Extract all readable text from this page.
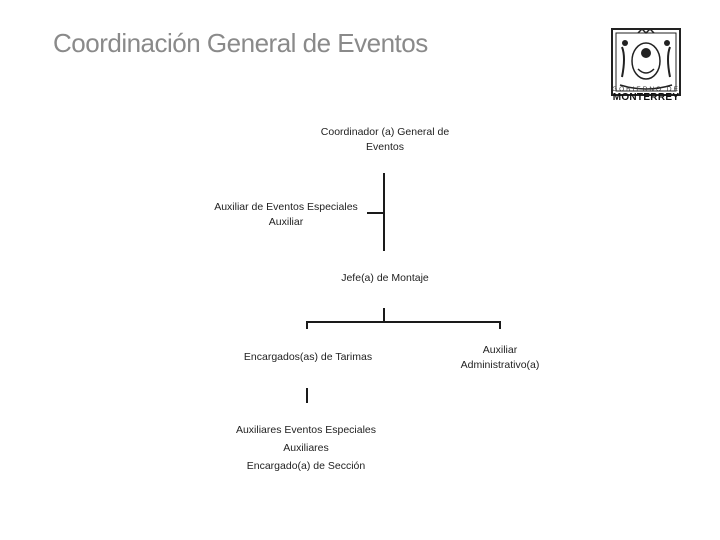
Coordinación General de Eventos
GOBIERNO DE
MONTERREY
Coordinador (a) General de
Eventos
Auxiliar de Eventos Especiales
Auxiliar
Jefe(a) de Montaje
Encargados(as) de Tarimas
Auxiliar
Administrativo(a)
Auxiliares Eventos Especiales
Auxiliares
Encargado(a) de Sección
